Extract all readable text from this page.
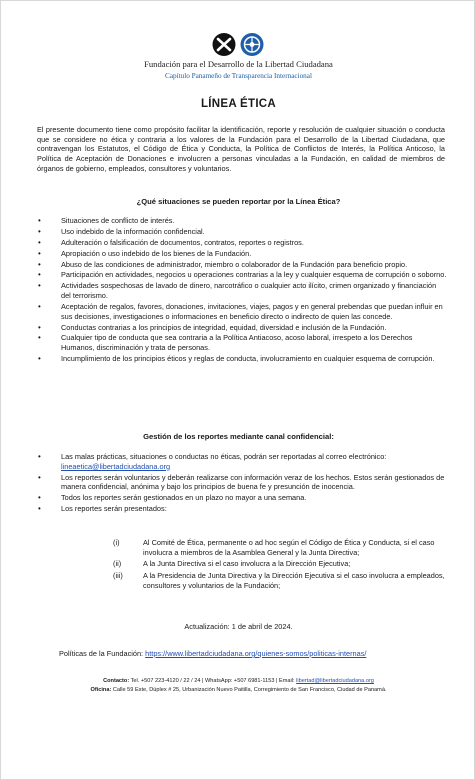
Fundación para el Desarrollo de la Libertad Ciudadana
Capítulo Panameño de Transparencia Internacional
LÍNEA ÉTICA
El presente documento tiene como propósito facilitar la identificación, reporte y resolución de cualquier situación o conducta que se considere no ética y contraria a los valores de la Fundación para el Desarrollo de la Libertad Ciudadana, que contravengan los Estatutos, el Código de Ética y Conducta, la Política de Conflictos de Interés, la Política Anticoso, la Política de Aceptación de Donaciones e involucren a personas vinculadas a la Fundación, en calidad de miembros de órganos de gobierno, empleados, consultores y voluntarios.
¿Qué situaciones se pueden reportar por la Línea Ética?
• Situaciones de conflicto de interés.
• Uso indebido de la información confidencial.
• Adulteración o falsificación de documentos, contratos, reportes o registros.
• Apropiación o uso indebido de los bienes de la Fundación.
• Abuso de las condiciones de administrador, miembro o colaborador de la Fundación para beneficio propio.
• Participación en actividades, negocios u operaciones contrarias a la ley y cualquier esquema de corrupción o soborno.
• Actividades sospechosas de lavado de dinero, narcotráfico o cualquier acto ilícito, crimen organizado y financiación del terrorismo.
• Aceptación de regalos, favores, donaciones, invitaciones, viajes, pagos y en general prebendas que puedan influir en sus decisiones, investigaciones o informaciones en beneficio directo o indirecto de quien las concede.
• Conductas contrarias a los principios de integridad, equidad, diversidad e inclusión de la Fundación.
• Cualquier tipo de conducta que sea contraria a la Política Antiacoso, acoso laboral, irrespeto a los Derechos Humanos, discriminación y trata de personas.
• Incumplimiento de los principios éticos y reglas de conducta, involucramiento en cualquier esquema de corrupción.
Gestión de los reportes mediante canal confidencial:
• Las malas prácticas, situaciones o conductas no éticas, podrán ser reportadas al correo electrónico: lineaetica@libertadciudadana.org
• Los reportes serán voluntarios y deberán realizarse con información veraz de los hechos. Estos serán gestionados de manera confidencial, anónima y bajo los principios de buena fe y presunción de inocencia.
• Todos los reportes serán gestionados en un plazo no mayor a una semana.
• Los reportes serán presentados:
(i)	Al Comité de Ética, permanente o ad hoc según el Código de Ética y Conducta, si el caso involucra a miembros de la Asamblea General y la Junta Directiva;
(ii)	A la Junta Directiva si el caso involucra a la Dirección Ejecutiva;
(iii)	A la Presidencia de Junta Directiva y la Dirección Ejecutiva si el caso involucra a empleados, consultores y voluntarios de la Fundación;
Actualización: 1 de abril de 2024.
Políticas de la Fundación: https://www.libertadciudadana.org/quienes-somos/politicas-internas/
Contacto: Tel. +507 223-4120 / 22 / 24 | WhatsApp: +507 6981-1153 | Email: libertad@libertadciudadana.org
Oficina: Calle 59 Este, Dúplex # 25, Urbanización Nuevo Paitilla, Corregimiento de San Francisco, Ciudad de Panamá.
